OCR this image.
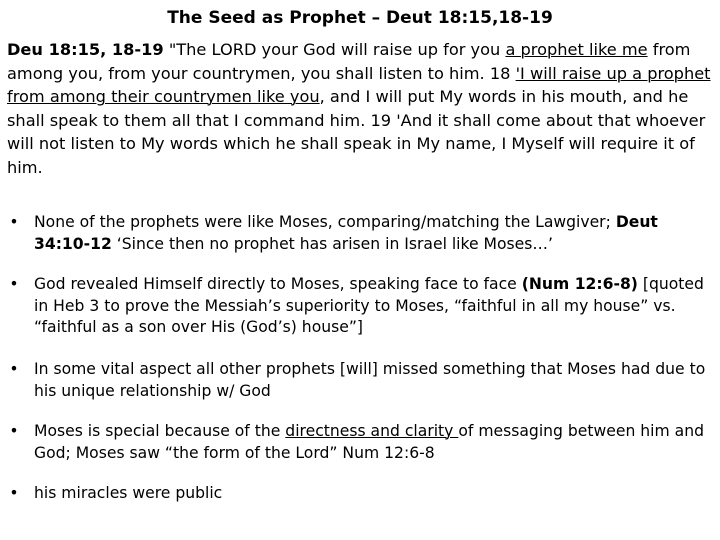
The Seed as Prophet – Deut 18:15,18-19
Deu 18:15, 18-19 "The LORD your God will raise up for you a prophet like me from among you, from your countrymen, you shall listen to him. 18 'I will raise up a prophet from among their countrymen like you, and I will put My words in his mouth, and he shall speak to them all that I command him. 19 'And it shall come about that whoever will not listen to My words which he shall speak in My name, I Myself will require it of him.
• None of the prophets were like Moses, comparing/matching the Lawgiver; Deut 34:10-12 ‘Since then no prophet has arisen in Israel like Moses…’
• God revealed Himself directly to Moses, speaking face to face (Num 12:6-8) [quoted in Heb 3 to prove the Messiah’s superiority to Moses, “faithful in all my house” vs. “faithful as a son over His (God’s) house”]
• In some vital aspect all other prophets [will] missed something that Moses had due to his unique relationship w/ God
• Moses is special because of the directness and clarity of messaging between him and God; Moses saw “the form of the Lord” Num 12:6-8
• his miracles were public
